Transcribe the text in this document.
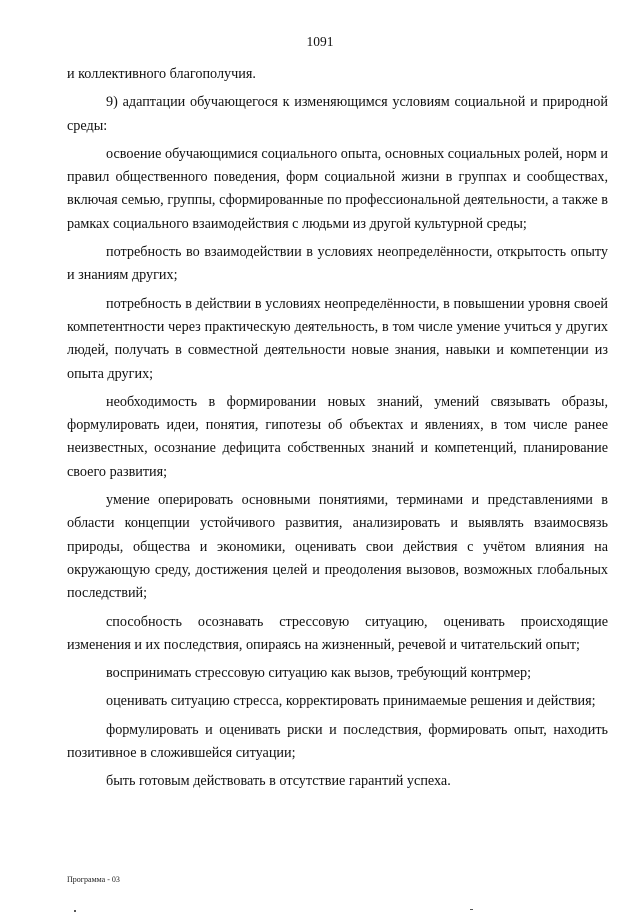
1091

и коллективного благополучия.

9) адаптации обучающегося к изменяющимся условиям социальной и природной среды:

освоение обучающимися социального опыта, основных социальных ролей, норм и правил общественного поведения, форм социальной жизни в группах и сообществах, включая семью, группы, сформированные по профессиональной деятельности, а также в рамках социального взаимодействия с людьми из другой культурной среды;

потребность во взаимодействии в условиях неопределённости, открытость опыту и знаниям других;

потребность в действии в условиях неопределённости, в повышении уровня своей компетентности через практическую деятельность, в том числе умение учиться у других людей, получать в совместной деятельности новые знания, навыки и компетенции из опыта других;

необходимость в формировании новых знаний, умений связывать образы, формулировать идеи, понятия, гипотезы об объектах и явлениях, в том числе ранее неизвестных, осознание дефицита собственных знаний и компетенций, планирование своего развития;

умение оперировать основными понятиями, терминами и представлениями в области концепции устойчивого развития, анализировать и выявлять взаимосвязь природы, общества и экономики, оценивать свои действия с учётом влияния на окружающую среду, достижения целей и преодоления вызовов, возможных глобальных последствий;

способность осознавать стрессовую ситуацию, оценивать происходящие изменения и их последствия, опираясь на жизненный, речевой и читательский опыт;

воспринимать стрессовую ситуацию как вызов, требующий контрмер;

оценивать ситуацию стресса, корректировать принимаемые решения и действия;

формулировать и оценивать риски и последствия, формировать опыт, находить позитивное в сложившейся ситуации;

быть готовым действовать в отсутствие гарантий успеха.

Программа - 03
